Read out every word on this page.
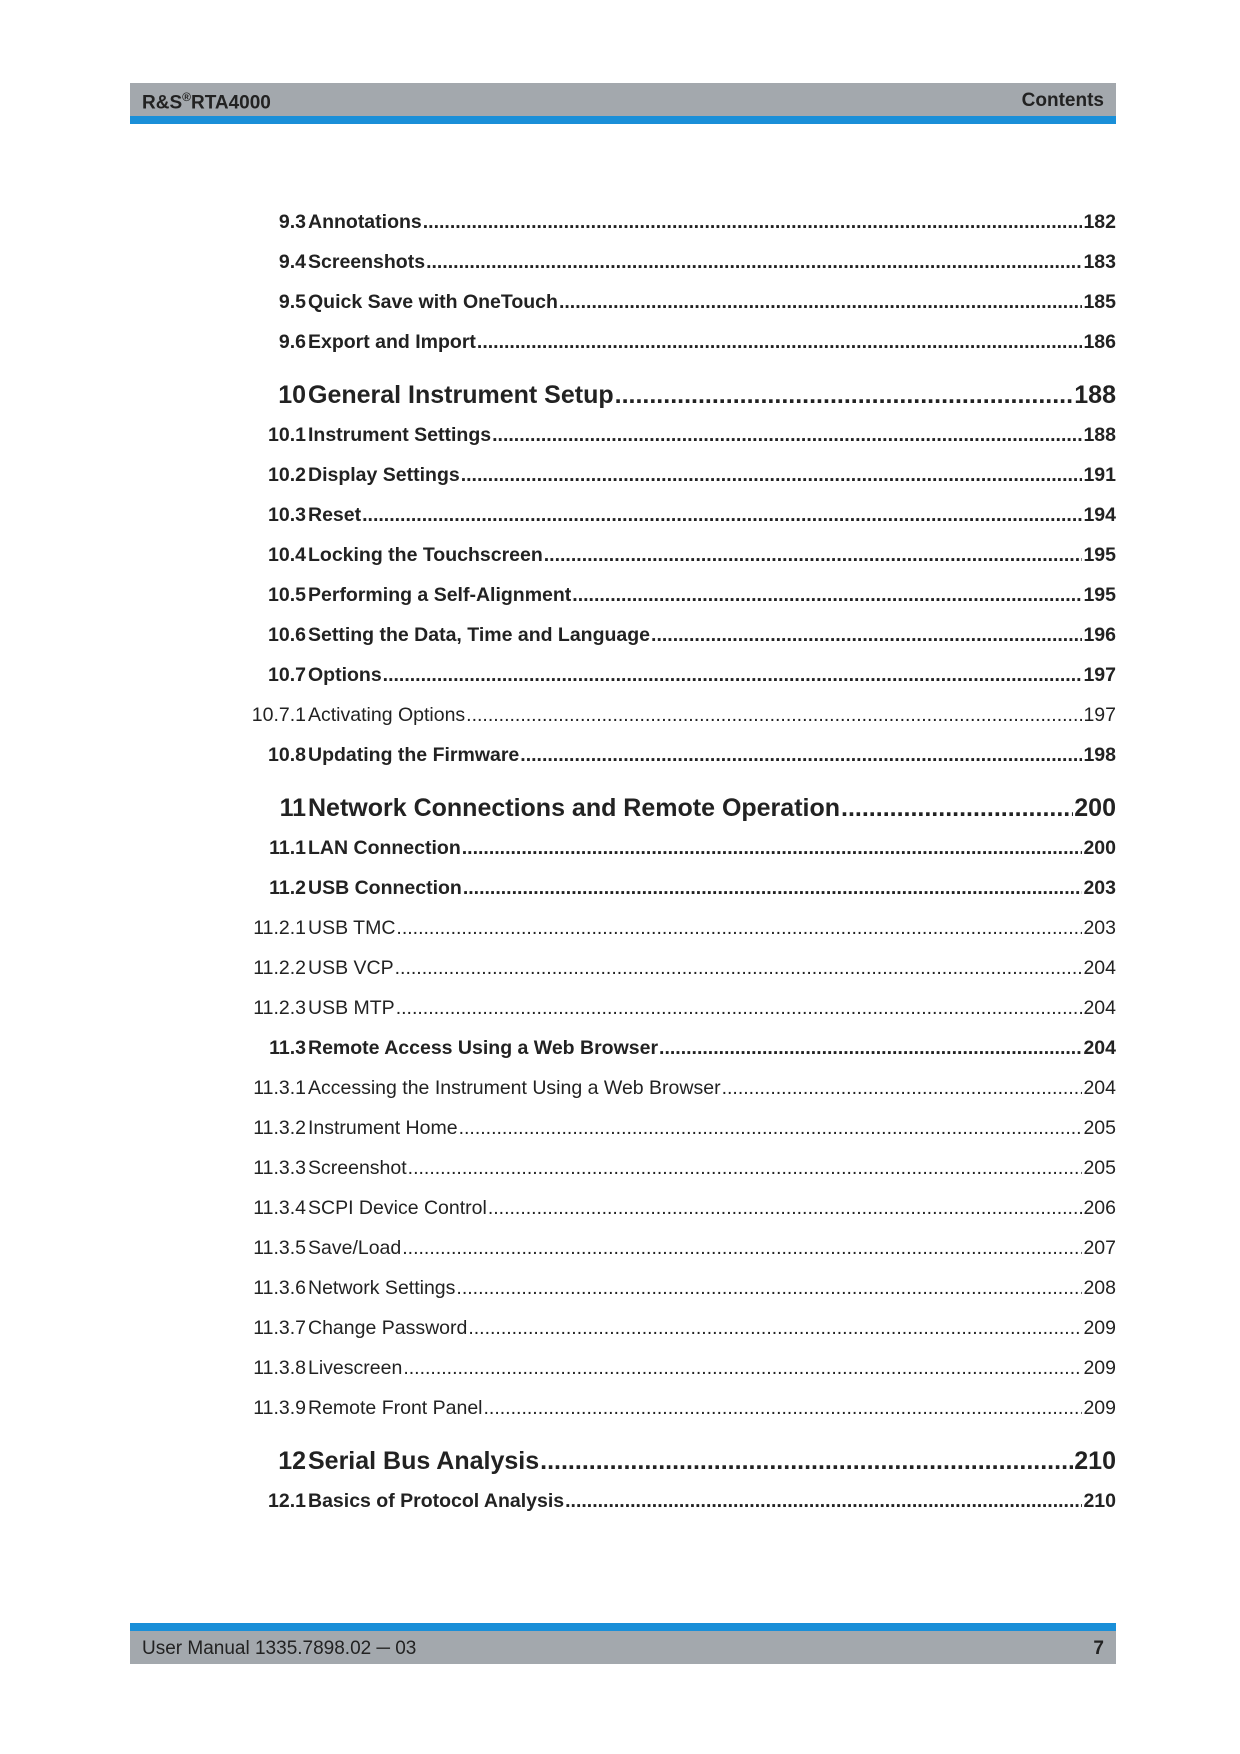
R&S®RTA4000	Contents
9.3 Annotations .....	182
9.4 Screenshots .....	183
9.5 Quick Save with OneTouch .....	185
9.6 Export and Import .....	186
10 General Instrument Setup .....	188
10.1 Instrument Settings .....	188
10.2 Display Settings .....	191
10.3 Reset .....	194
10.4 Locking the Touchscreen .....	195
10.5 Performing a Self-Alignment .....	195
10.6 Setting the Data, Time and Language .....	196
10.7 Options .....	197
10.7.1 Activating Options .....	197
10.8 Updating the Firmware .....	198
11 Network Connections and Remote Operation .....	200
11.1 LAN Connection .....	200
11.2 USB Connection .....	203
11.2.1 USB TMC .....	203
11.2.2 USB VCP .....	204
11.2.3 USB MTP .....	204
11.3 Remote Access Using a Web Browser .....	204
11.3.1 Accessing the Instrument Using a Web Browser .....	204
11.3.2 Instrument Home .....	205
11.3.3 Screenshot .....	205
11.3.4 SCPI Device Control .....	206
11.3.5 Save/Load .....	207
11.3.6 Network Settings .....	208
11.3.7 Change Password .....	209
11.3.8 Livescreen .....	209
11.3.9 Remote Front Panel .....	209
12 Serial Bus Analysis .....	210
12.1 Basics of Protocol Analysis .....	210
User Manual 1335.7898.02 ─ 03	7
